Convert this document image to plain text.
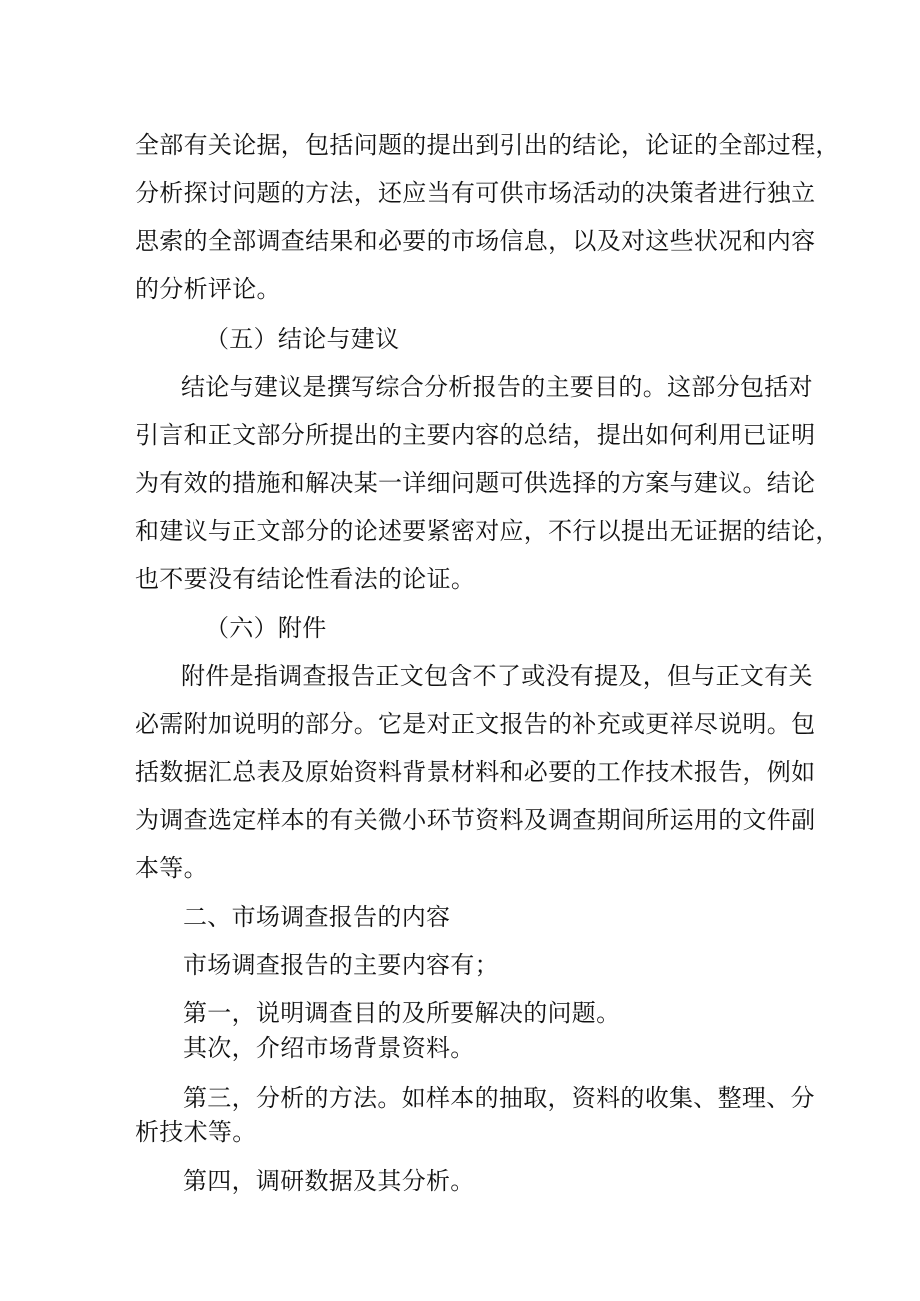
全部有关论据，包括问题的提出到引出的结论，论证的全部过程，
分析探讨问题的方法，还应当有可供市场活动的决策者进行独立
思索的全部调查结果和必要的市场信息，以及对这些状况和内容
的分析评论。
（五）结论与建议
结论与建议是撰写综合分析报告的主要目的。这部分包括对
引言和正文部分所提出的主要内容的总结，提出如何利用已证明
为有效的措施和解决某一详细问题可供选择的方案与建议。结论
和建议与正文部分的论述要紧密对应，不行以提出无证据的结论，
也不要没有结论性看法的论证。
（六）附件
附件是指调查报告正文包含不了或没有提及，但与正文有关
必需附加说明的部分。它是对正文报告的补充或更祥尽说明。包
括数据汇总表及原始资料背景材料和必要的工作技术报告，例如
为调查选定样本的有关微小环节资料及调查期间所运用的文件副
本等。
二、市场调查报告的内容
市场调查报告的主要内容有；
第一，说明调查目的及所要解决的问题。
其次，介绍市场背景资料。
第三，分析的方法。如样本的抽取，资料的收集、整理、分
析技术等。
第四，调研数据及其分析。
